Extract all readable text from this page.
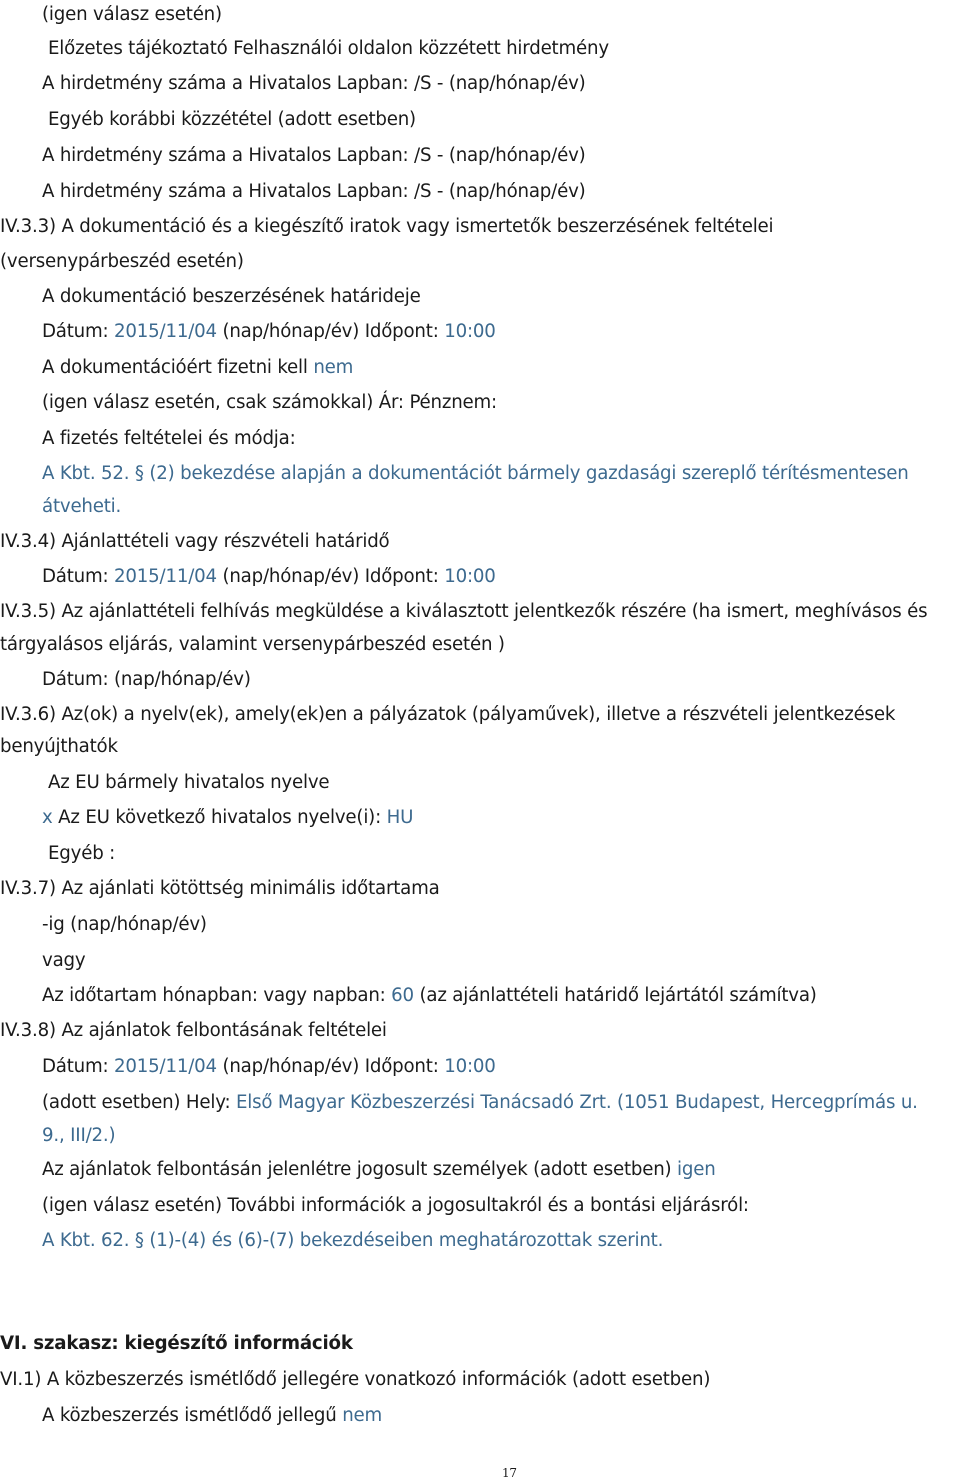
(igen válasz esetén)
Előzetes tájékoztató Felhasználói oldalon közzétett hirdetmény
A hirdetmény száma a Hivatalos Lapban: /S - (nap/hónap/év)
Egyéb korábbi közzététel (adott esetben)
A hirdetmény száma a Hivatalos Lapban: /S - (nap/hónap/év)
A hirdetmény száma a Hivatalos Lapban: /S - (nap/hónap/év)
IV.3.3) A dokumentáció és a kiegészítő iratok vagy ismertetők beszerzésének feltételei
(versenypárbeszéd esetén)
A dokumentáció beszerzésének határideje
Dátum: 2015/11/04 (nap/hónap/év) Időpont: 10:00
A dokumentációért fizetni kell nem
(igen válasz esetén, csak számokkal) Ár: Pénznem:
A fizetés feltételei és módja:
A Kbt. 52. § (2) bekezdése alapján a dokumentációt bármely gazdasági szereplő térítésmentesen
átveheti.
IV.3.4) Ajánlattételi vagy részvételi határidő
Dátum: 2015/11/04 (nap/hónap/év) Időpont: 10:00
IV.3.5) Az ajánlattételi felhívás megküldése a kiválasztott jelentkezők részére (ha ismert, meghívásos és
tárgyalásos eljárás, valamint versenypárbeszéd esetén )
Dátum: (nap/hónap/év)
IV.3.6) Az(ok) a nyelv(ek), amely(ek)en a pályázatok (pályaművek), illetve a részvételi jelentkezések
benyújthatók
Az EU bármely hivatalos nyelve
x Az EU következő hivatalos nyelve(i): HU
Egyéb :
IV.3.7) Az ajánlati kötöttség minimális időtartama
-ig (nap/hónap/év)
vagy
Az időtartam hónapban: vagy napban: 60 (az ajánlattételi határidő lejártától számítva)
IV.3.8) Az ajánlatok felbontásának feltételei
Dátum: 2015/11/04 (nap/hónap/év) Időpont: 10:00
(adott esetben) Hely: Első Magyar Közbeszerzési Tanácsadó Zrt. (1051 Budapest, Hercegprímás u.
9., III/2.)
Az ajánlatok felbontásán jelenlétre jogosult személyek (adott esetben) igen
(igen válasz esetén) További információk a jogosultakról és a bontási eljárásról:
A Kbt. 62. § (1)-(4) és (6)-(7) bekezdéseiben meghatározottak szerint.
VI. szakasz: kiegészítő információk
VI.1) A közbeszerzés ismétlődő jellegére vonatkozó információk (adott esetben)
A közbeszerzés ismétlődő jellegű nem
17
